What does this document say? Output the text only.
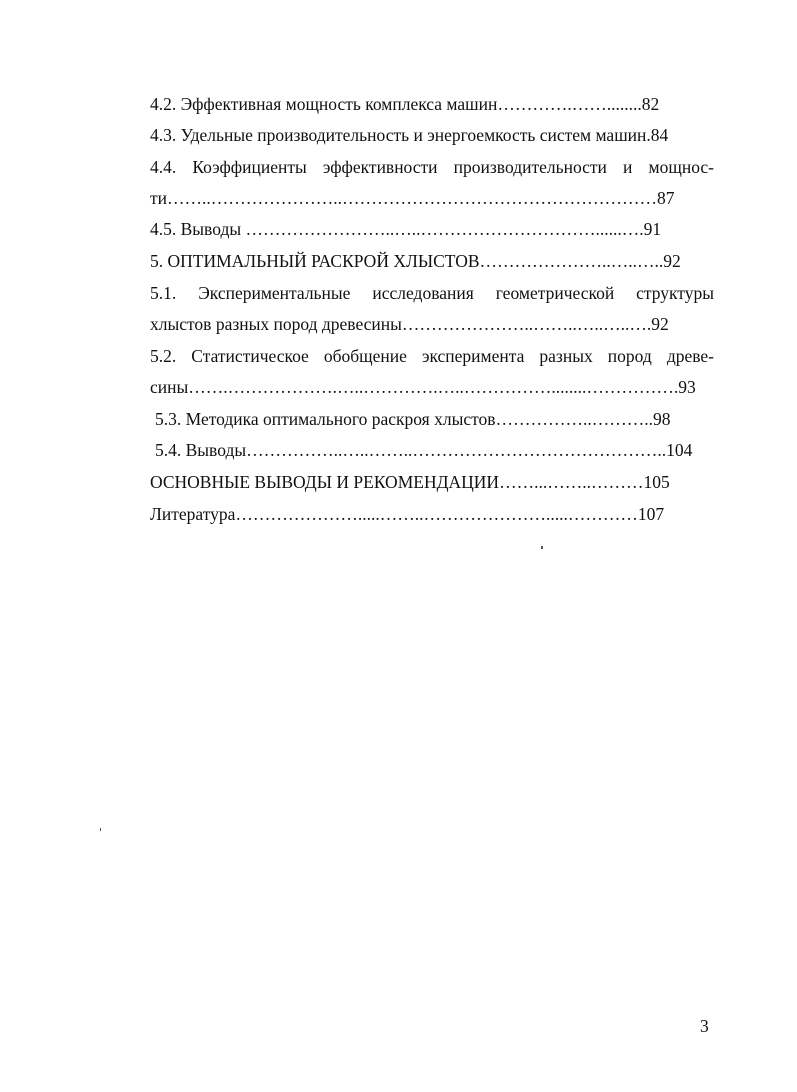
4.2. Эффективная мощность комплекса машин………….……........82
4.3. Удельные производительность и энергоемкость систем машин.84
4.4. Коэффициенты эффективности производительности и мощнос-
ти……..…………………..………………………………………………87
4.5. Выводы ……………………..…..…………………………......….91
5. ОПТИМАЛЬНЫЙ РАСКРОЙ ХЛЫСТОВ…………………..…..…..92
5.1. Экспериментальные исследования геометрической структуры
хлыстов разных пород древесины…………………..……..…..…..….92
5.2. Статистическое обобщение эксперимента разных пород древе-
сины…….……………….…..………….…..……………........…………….93
5.3. Методика оптимального раскроя хлыстов……………..………..98
5.4. Выводы……………..…..……..……………………………………..104
ОСНОВНЫЕ ВЫВОДЫ И РЕКОМЕНДАЦИИ……...……..………105
Литература………………….....……..………………….....…………107
3
